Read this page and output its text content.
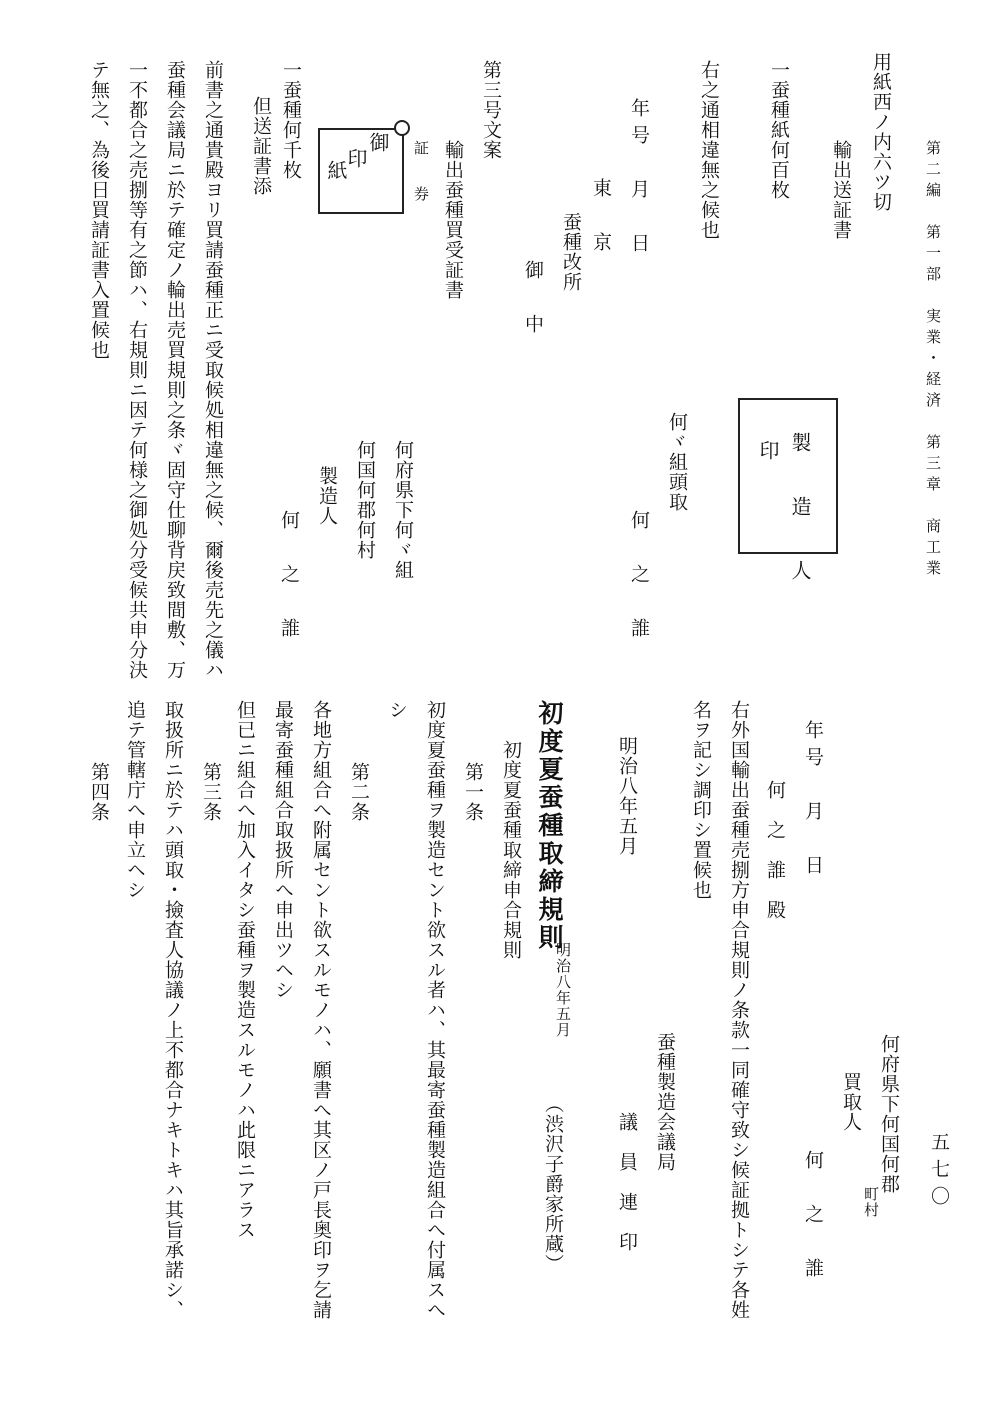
第二編　第一部　実業・経済　第三章　商工業
用紙西ノ内六ツ切
輸出送証書
一蚕種紙何百枚
右之通相違無之候也
年号　月　日
東　京
蚕種改所
御　中
製　造　人
印
何ヾ組頭取
何　之　誰
第三号文案
輸出蚕種買受証書
証　券
御
印
紙
何府県下何ヾ組
何国何郡何村
製造人
何　之　誰
但送証書添 一蚕種何千枚
前書之通貴殿ヨリ買請蚕種正ニ受取候処相違無之候、爾後売先之儀ハ
蚕種会議局ニ於テ確定ノ輪出売買規則之条ヾ固守仕聊背戻致間敷、万
一不都合之売捌等有之節ハ、右規則ニ因テ何様之御処分受候共申分決
テ無之、為後日買請証書入置候也
五七〇
何府県下何国何郡
町村
買取人
何　之　誰
年号　月　日
何　之　誰　殿
右外国輸出蚕種売捌方申合規則ノ条款一同確守致シ候証拠トシテ各姓
名ヲ記シ調印シ置候也
蚕種製造会議局
議　員　連　印
明治八年五月
初度夏蚕種取締規則
明治八年五月
（渋沢子爵家所蔵）
初度夏蚕種取締申合規則
第一条
初度夏蚕種ヲ製造セント欲スル者ハ、其最寄蚕種製造組合へ付属スへ
シ
第二条
各地方組合へ附属セント欲スルモノハ、願書へ其区ノ戸長奥印ヲ乞請
最寄蚕種組合取扱所へ申出ツヘシ
但已ニ組合へ加入イタシ蚕種ヲ製造スルモノハ此限ニアラス
第三条
取扱所ニ於テハ頭取・撿査人協議ノ上不都合ナキトキハ其旨承諾シ、
追テ管轄庁へ申立ヘシ
第四条
